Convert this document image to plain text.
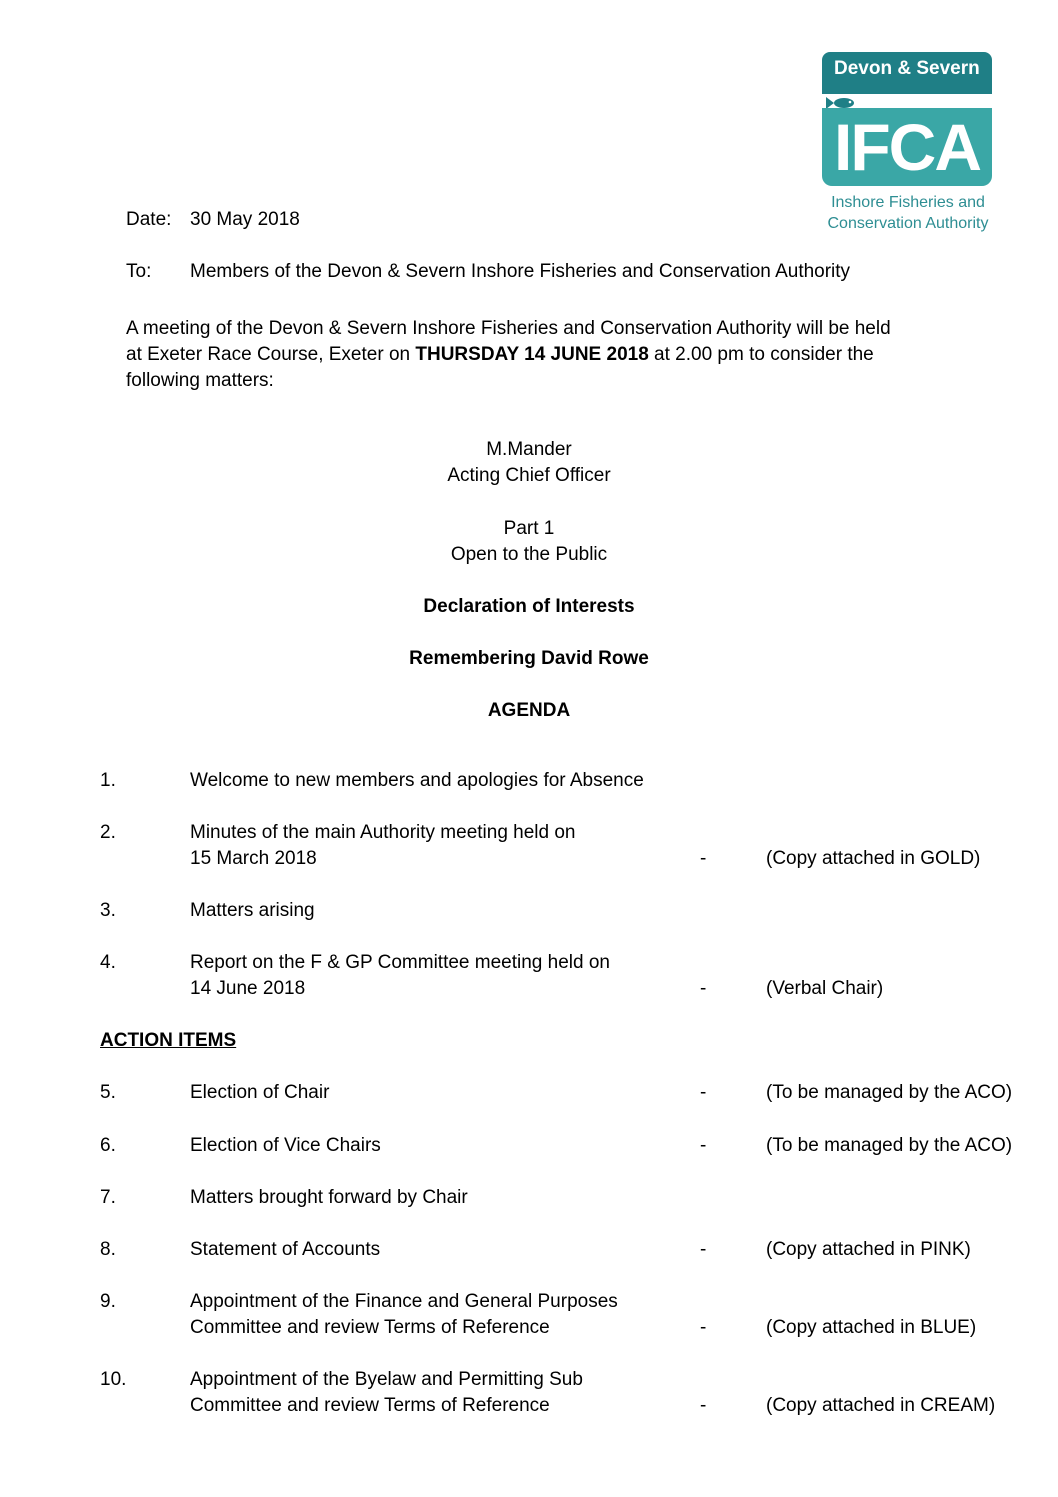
Devon & Severn
IFCA
Inshore Fisheries and
Conservation Authority
Date: 30 May 2018
To: Members of the Devon & Severn Inshore Fisheries and Conservation Authority
A meeting of the Devon & Severn Inshore Fisheries and Conservation Authority will be held
at Exeter Race Course, Exeter on THURSDAY 14 JUNE 2018 at 2.00 pm to consider the
following matters:
M.Mander
Acting Chief Officer
Part 1
Open to the Public
Declaration of Interests
Remembering David Rowe
AGENDA
1.	Welcome to new members and apologies for Absence
2.	Minutes of the main Authority meeting held on
15 March 2018	-	(Copy attached in GOLD)
3.	Matters arising
4.	Report on the F & GP Committee meeting held on
14 June 2018	-	(Verbal Chair)
ACTION ITEMS
5.	Election of Chair	-	(To be managed by the ACO)
6.	Election of Vice Chairs	-	(To be managed by the ACO)
7.	Matters brought forward by Chair
8.	Statement of Accounts	-	(Copy attached in PINK)
9.	Appointment of the Finance and General Purposes
Committee and review Terms of Reference	-	(Copy attached in BLUE)
10.	Appointment of the Byelaw and Permitting Sub
Committee and review Terms of Reference	-	(Copy attached in CREAM)
